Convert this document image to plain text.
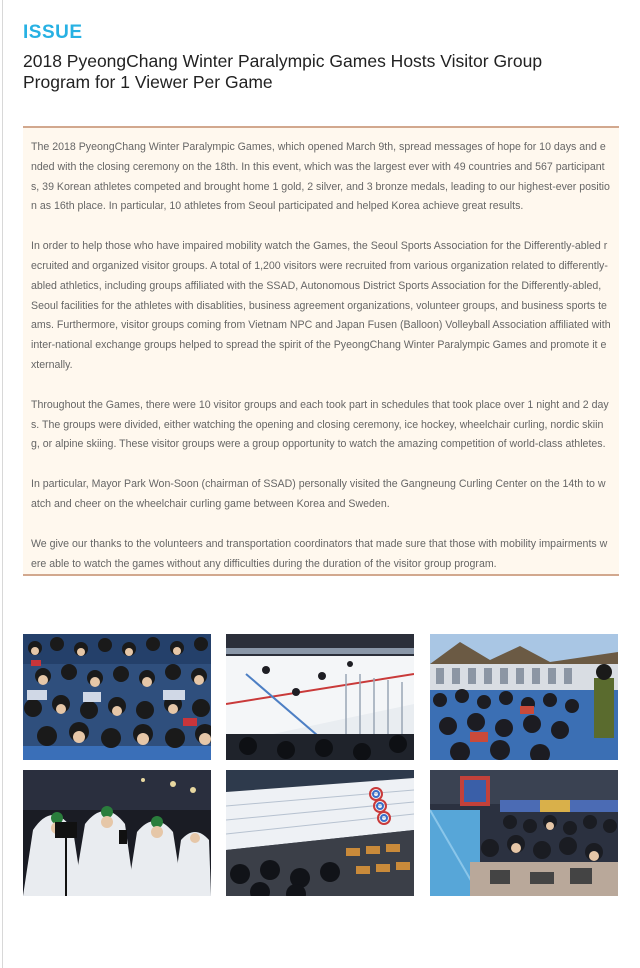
ISSUE
2018 PyeongChang Winter Paralympic Games Hosts Visitor Group Program for 1 Viewer Per Game

The 2018 PyeongChang Winter Paralympic Games, which opened March 9th, spread messages of hope for 10 days and ended with the closing ceremony on the 18th. In this event, which was the largest ever with 49 countries and 567 participants, 39 Korean athletes competed and brought home 1 gold, 2 silver, and 3 bronze medals, leading to our highest-ever position as 16th place. In particular, 10 athletes from Seoul participated and helped Korea achieve great results.

In order to help those who have impaired mobility watch the Games, the Seoul Sports Association for the Differently-abled recruited and organized visitor groups. A total of 1,200 visitors were recruited from various organization related to differently-abled athletics, including groups affiliated with the SSAD, Autonomous District Sports Association for the Differently-abled, Seoul facilities for the athletes with disablities, business agreement organizations, volunteer groups, and business sports teams. Furthermore, visitor groups coming from Vietnam NPC and Japan Fusen (Balloon) Volleyball Association affiliated with inter-national exchange groups helped to spread the spirit of the PyeongChang Winter Paralympic Games and promote it externally.

Throughout the Games, there were 10 visitor groups and each took part in schedules that took place over 1 night and 2 days. The groups were divided, either watching the opening and closing ceremony, ice hockey, wheelchair curling, nordic skiing, or alpine skiing. These visitor groups were a group opportunity to watch the amazing competition of world-class athletes.

In particular, Mayor Park Won-Soon (chairman of SSAD) personally visited the Gangneung Curling Center on the 14th to watch and cheer on the wheelchair curling game between Korea and Sweden.

We give our thanks to the volunteers and transportation coordinators that made sure that those with mobility impairments were able to watch the games without any difficulties during the duration of the visitor group program.
